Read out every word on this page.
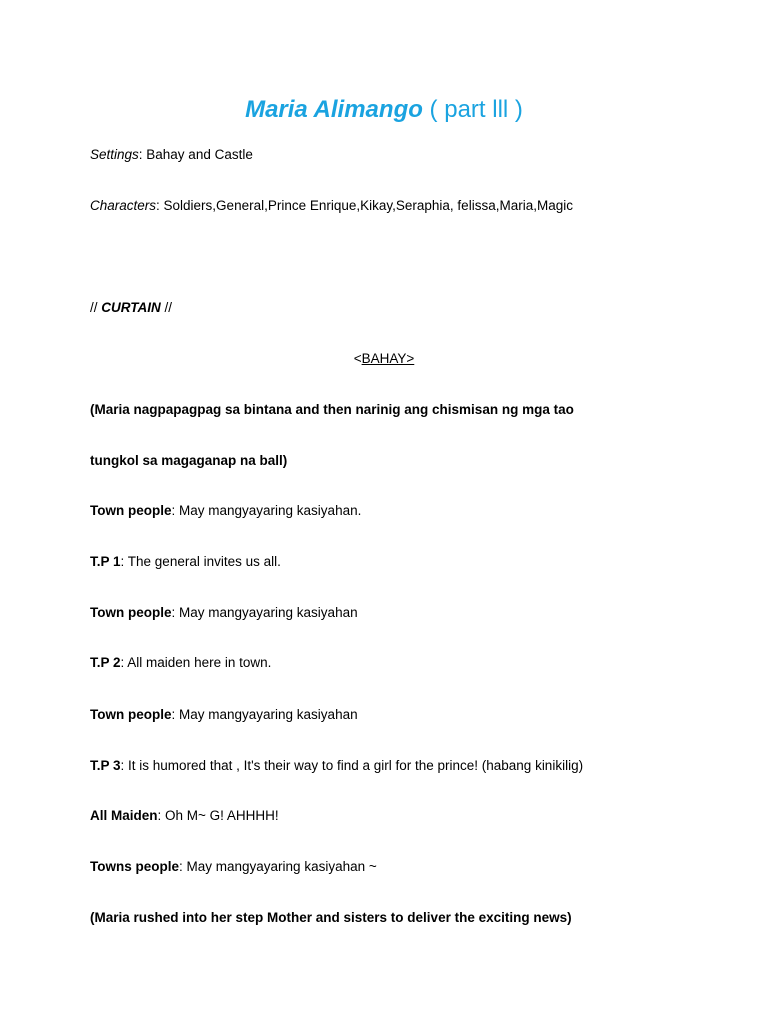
Maria Alimango ( part lll )
Settings: Bahay and Castle
Characters: Soldiers,General,Prince Enrique,Kikay,Seraphia, felissa,Maria,Magic
// CURTAIN //
<BAHAY>
(Maria nagpapagpag sa bintana and then narinig ang chismisan ng mga tao
tungkol sa magaganap na ball)
Town people: May mangyayaring kasiyahan.
T.P 1: The general invites us all.
Town people: May mangyayaring kasiyahan
T.P 2: All maiden here in town.
Town people: May mangyayaring kasiyahan
T.P 3: It is humored that , It's their way to find a girl for the prince! (habang kinikilig)
All Maiden: Oh M~ G! AHHHH!
Towns people: May mangyayaring kasiyahan ~
(Maria rushed into her step Mother and sisters to deliver the exciting news)
